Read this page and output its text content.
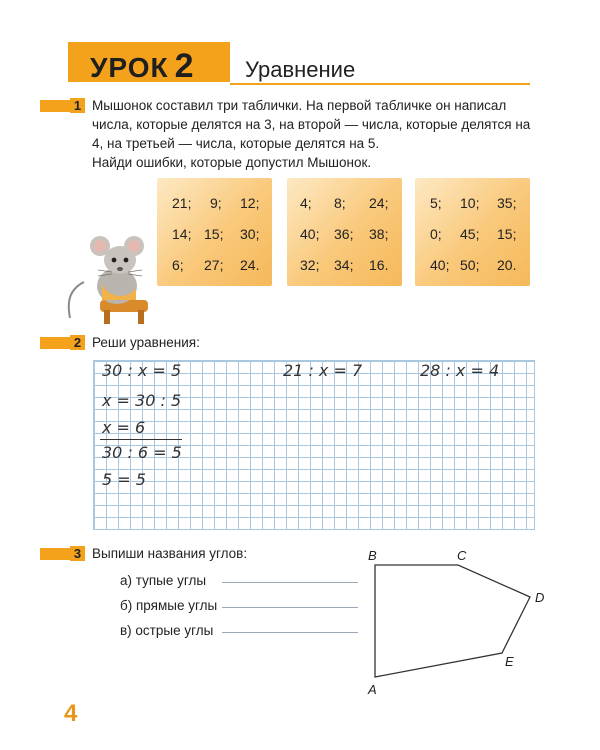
УРОК 2 Уравнение
1 Мышонок составил три таблички. На первой табличке он написал
числа, которые делятся на 3, на второй — числа, которые делятся на
4, на третьей — числа, которые делятся на 5.
Найди ошибки, которые допустил Мышонок.
21; 9; 12;
14; 15; 30;
6; 27; 24.
4; 8; 24;
40; 36; 38;
32; 34; 16.
5; 10; 35;
0; 45; 15;
40; 50; 20.
2 Реши уравнения:
30 : x = 5	21 : x = 7	28 : x = 4
x = 30 : 5
x = 6
30 : 6 = 5
5 = 5
3 Выпиши названия углов:
а) тупые углы
б) прямые углы
в) острые углы
B	C
D
E
A
4
